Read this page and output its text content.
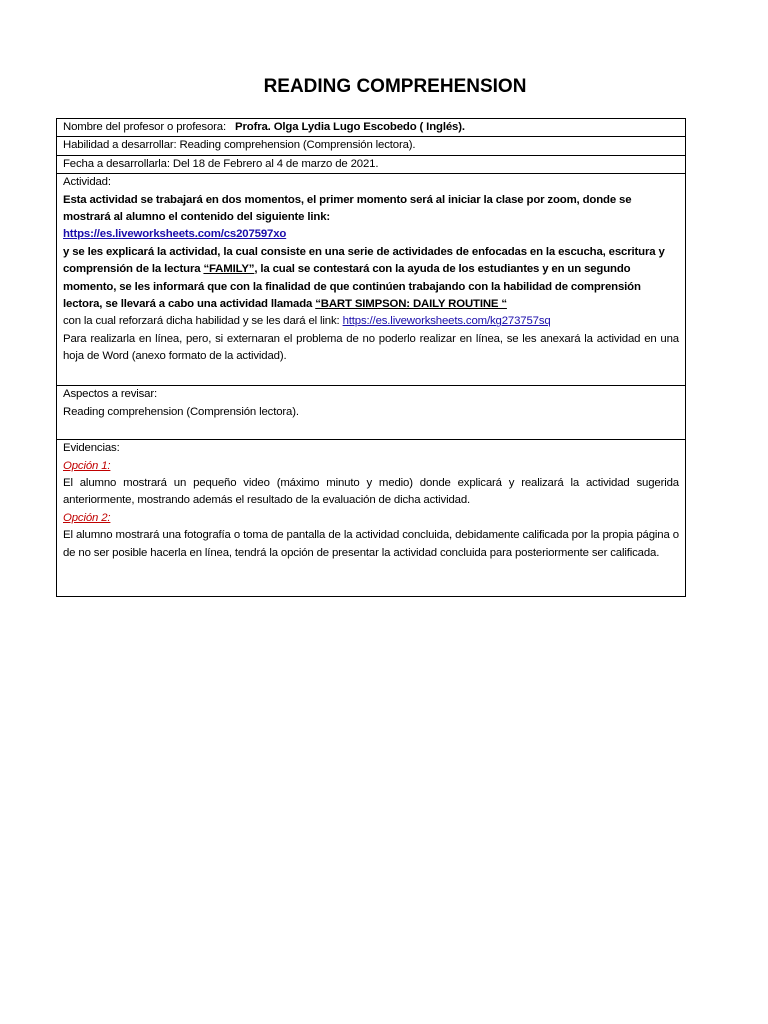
READING COMPREHENSION
Nombre del profesor o profesora: Profra. Olga Lydia Lugo Escobedo ( Inglés).
Habilidad a desarrollar: Reading comprehension (Comprensión lectora).
Fecha a desarrollarla: Del 18 de Febrero al 4 de marzo de 2021.

Actividad:

Esta actividad se trabajará en dos momentos, el primer momento será al iniciar la clase por zoom, donde se mostrará al alumno el contenido del siguiente link:

https://es.liveworksheets.com/cs207597xo

y se les explicará la actividad, la cual consiste en una serie de actividades de enfocadas en la escucha, escritura y comprensión de la lectura “FAMILY”, la cual se contestará con la ayuda de los estudiantes y en un segundo momento, se les informará que con la finalidad de que continúen trabajando con la habilidad de comprensión lectora, se llevará a cabo una actividad llamada “BART SIMPSON: DAILY ROUTINE “

con la cual reforzará dicha habilidad y se les dará el link: https://es.liveworksheets.com/kg273757sq

Para realizarla en línea, pero, si externaran el problema de no poderlo realizar en línea, se les anexará la actividad en una hoja de Word (anexo formato de la actividad).

Aspectos a revisar:

Reading comprehension (Comprensión lectora).

Evidencias:

Opción 1:

El alumno mostrará un pequeño video (máximo minuto y medio) donde explicará y realizará la actividad sugerida anteriormente, mostrando además el resultado de la evaluación de dicha actividad.

Opción 2:

El alumno mostrará una fotografía o toma de pantalla de la actividad concluida, debidamente calificada por la propia página o de no ser posible hacerla en línea, tendrá la opción de presentar la actividad concluida para posteriormente ser calificada.
